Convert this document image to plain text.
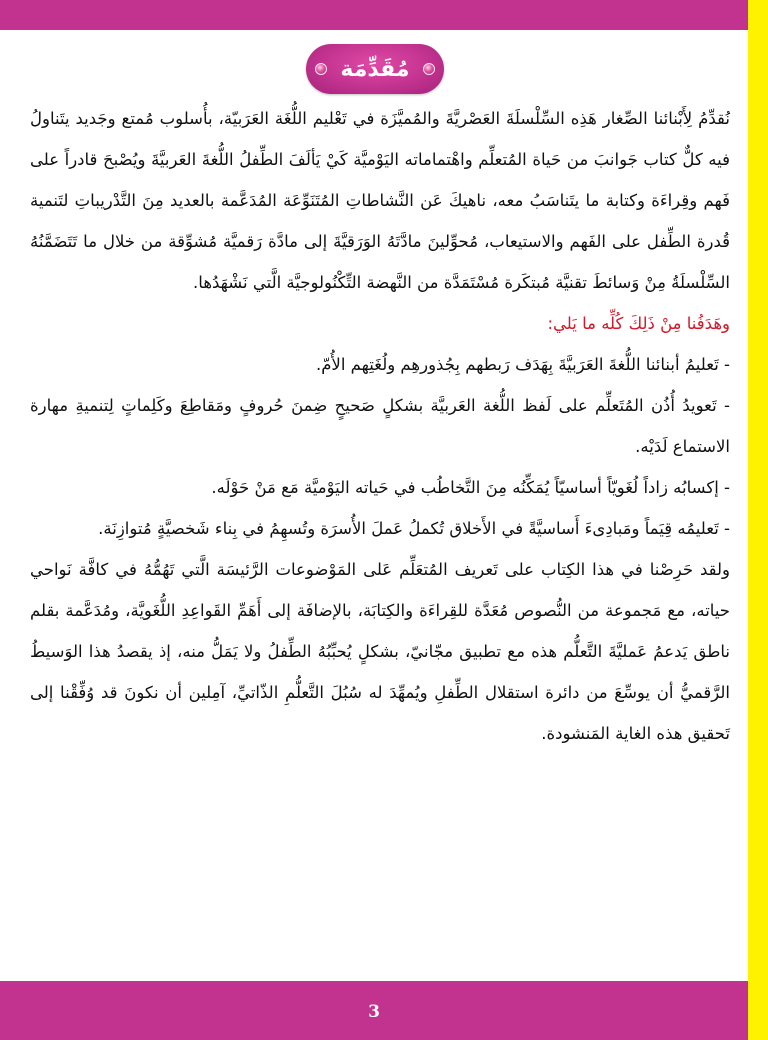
مُقَدِّمَة

نُقدِّمُ لِأَبْنائنا الصِّغار هَذِه السِّلْسلَةَ العَصْريَّةَ والمُميَّزَة في تَعْليم اللُّغَة العَرَبيّة، بأُسلوب مُمتع وجَديد يتَناولُ فيه كلٌّ كتاب جَوانبَ من حَياة المُتعلِّم واهْتماماته اليَوْميَّة كَيْ يَألَفَ الطِّفلُ اللُّغةَ العَربيَّةَ ويُصْبحَ قادراً على فَهم وقِراءَة وكتابة ما يتَناسَبُ معه، ناهيكَ عَن النَّشاطاتِ المُتَنَوِّعَة المُدَعَّمة بالعديد مِنَ التَّدْريباتِ لتَنمية قُدرة الطِّفل على الفَهم والاستيعاب، مُحوِّلينَ مادَّتَهُ الوَرَقيَّةَ إلى مادَّة رَقميَّة مُشوِّقة من خلال ما تَتَضَمَّنُهُ السِّلْسلَةُ مِنْ وَسائطَ تقنيَّة مُبتكَرة مُسْتَمَدَّة من النَّهضة التِّكْنُولوجيَّة الَّتي نَشْهَدُها.

وهَدَفُنا مِنْ ذَلِكَ كُلِّه ما يَلي:

- تَعليمُ أبنائنا اللُّغةَ العَرَبيَّةَ بِهَدَف رَبطهم بِجُذورهِم ولُغَتِهم الأُمّ.

- تَعويدُ أُذُن المُتَعلِّم على لَفظ اللُّغة العَربيَّة بشكلٍ صَحيحٍ ضِمنَ حُروفٍ ومَقاطِعَ وكَلِماتٍ لِتنميةِ مهارة الاستماع لَدَيْه.

- إكسابُه زاداً لُغَويّاً أساسيّاً يُمَكِّنُه مِنَ التَّخاطُب في حَياته اليَوْميَّة مَع مَنْ حَوْلَه.

- تَعليمُه قِيَماً ومَبادِىءَ أَساسيَّةً في الأَخلاق تُكملُ عَملَ الأُسرَة وتُسهِمُ في بِناء شَخصيَّةٍ مُتوازِنَة.

ولقد حَرِصْنا في هذا الكِتاب على تَعريف المُتعَلِّم عَلى المَوْضوعات الرَّئيسَة الَّتي تَهُمُّهُ في كافَّة نَواحي حياته، مع مَجموعة من النُّصوص مُعَدَّة للقِراءَة والكِتابَة، بالإضافَة إلى أَهَمِّ القَواعِدِ اللُّغَويَّة، ومُدَعَّمة بقلم ناطق يَدعمُ عَمليَّةَ التَّعلُّم هذه مع تطبيق مجّانيّ، بشكلٍ يُحبِّبُهُ الطِّفلُ ولا يَمَلُّ منه، إذ يقصدُ هذا الوَسيطُ الرَّقميُّ أن يوسِّعَ من دائرة استقلال الطِّفلِ ويُمهِّدَ له سُبُلَ التَّعلُّمِ الذّاتيِّ، آمِلين أن نكونَ قد وُفِّقْنا إلى تَحقيق هذه الغاية المَنشودة.

3
